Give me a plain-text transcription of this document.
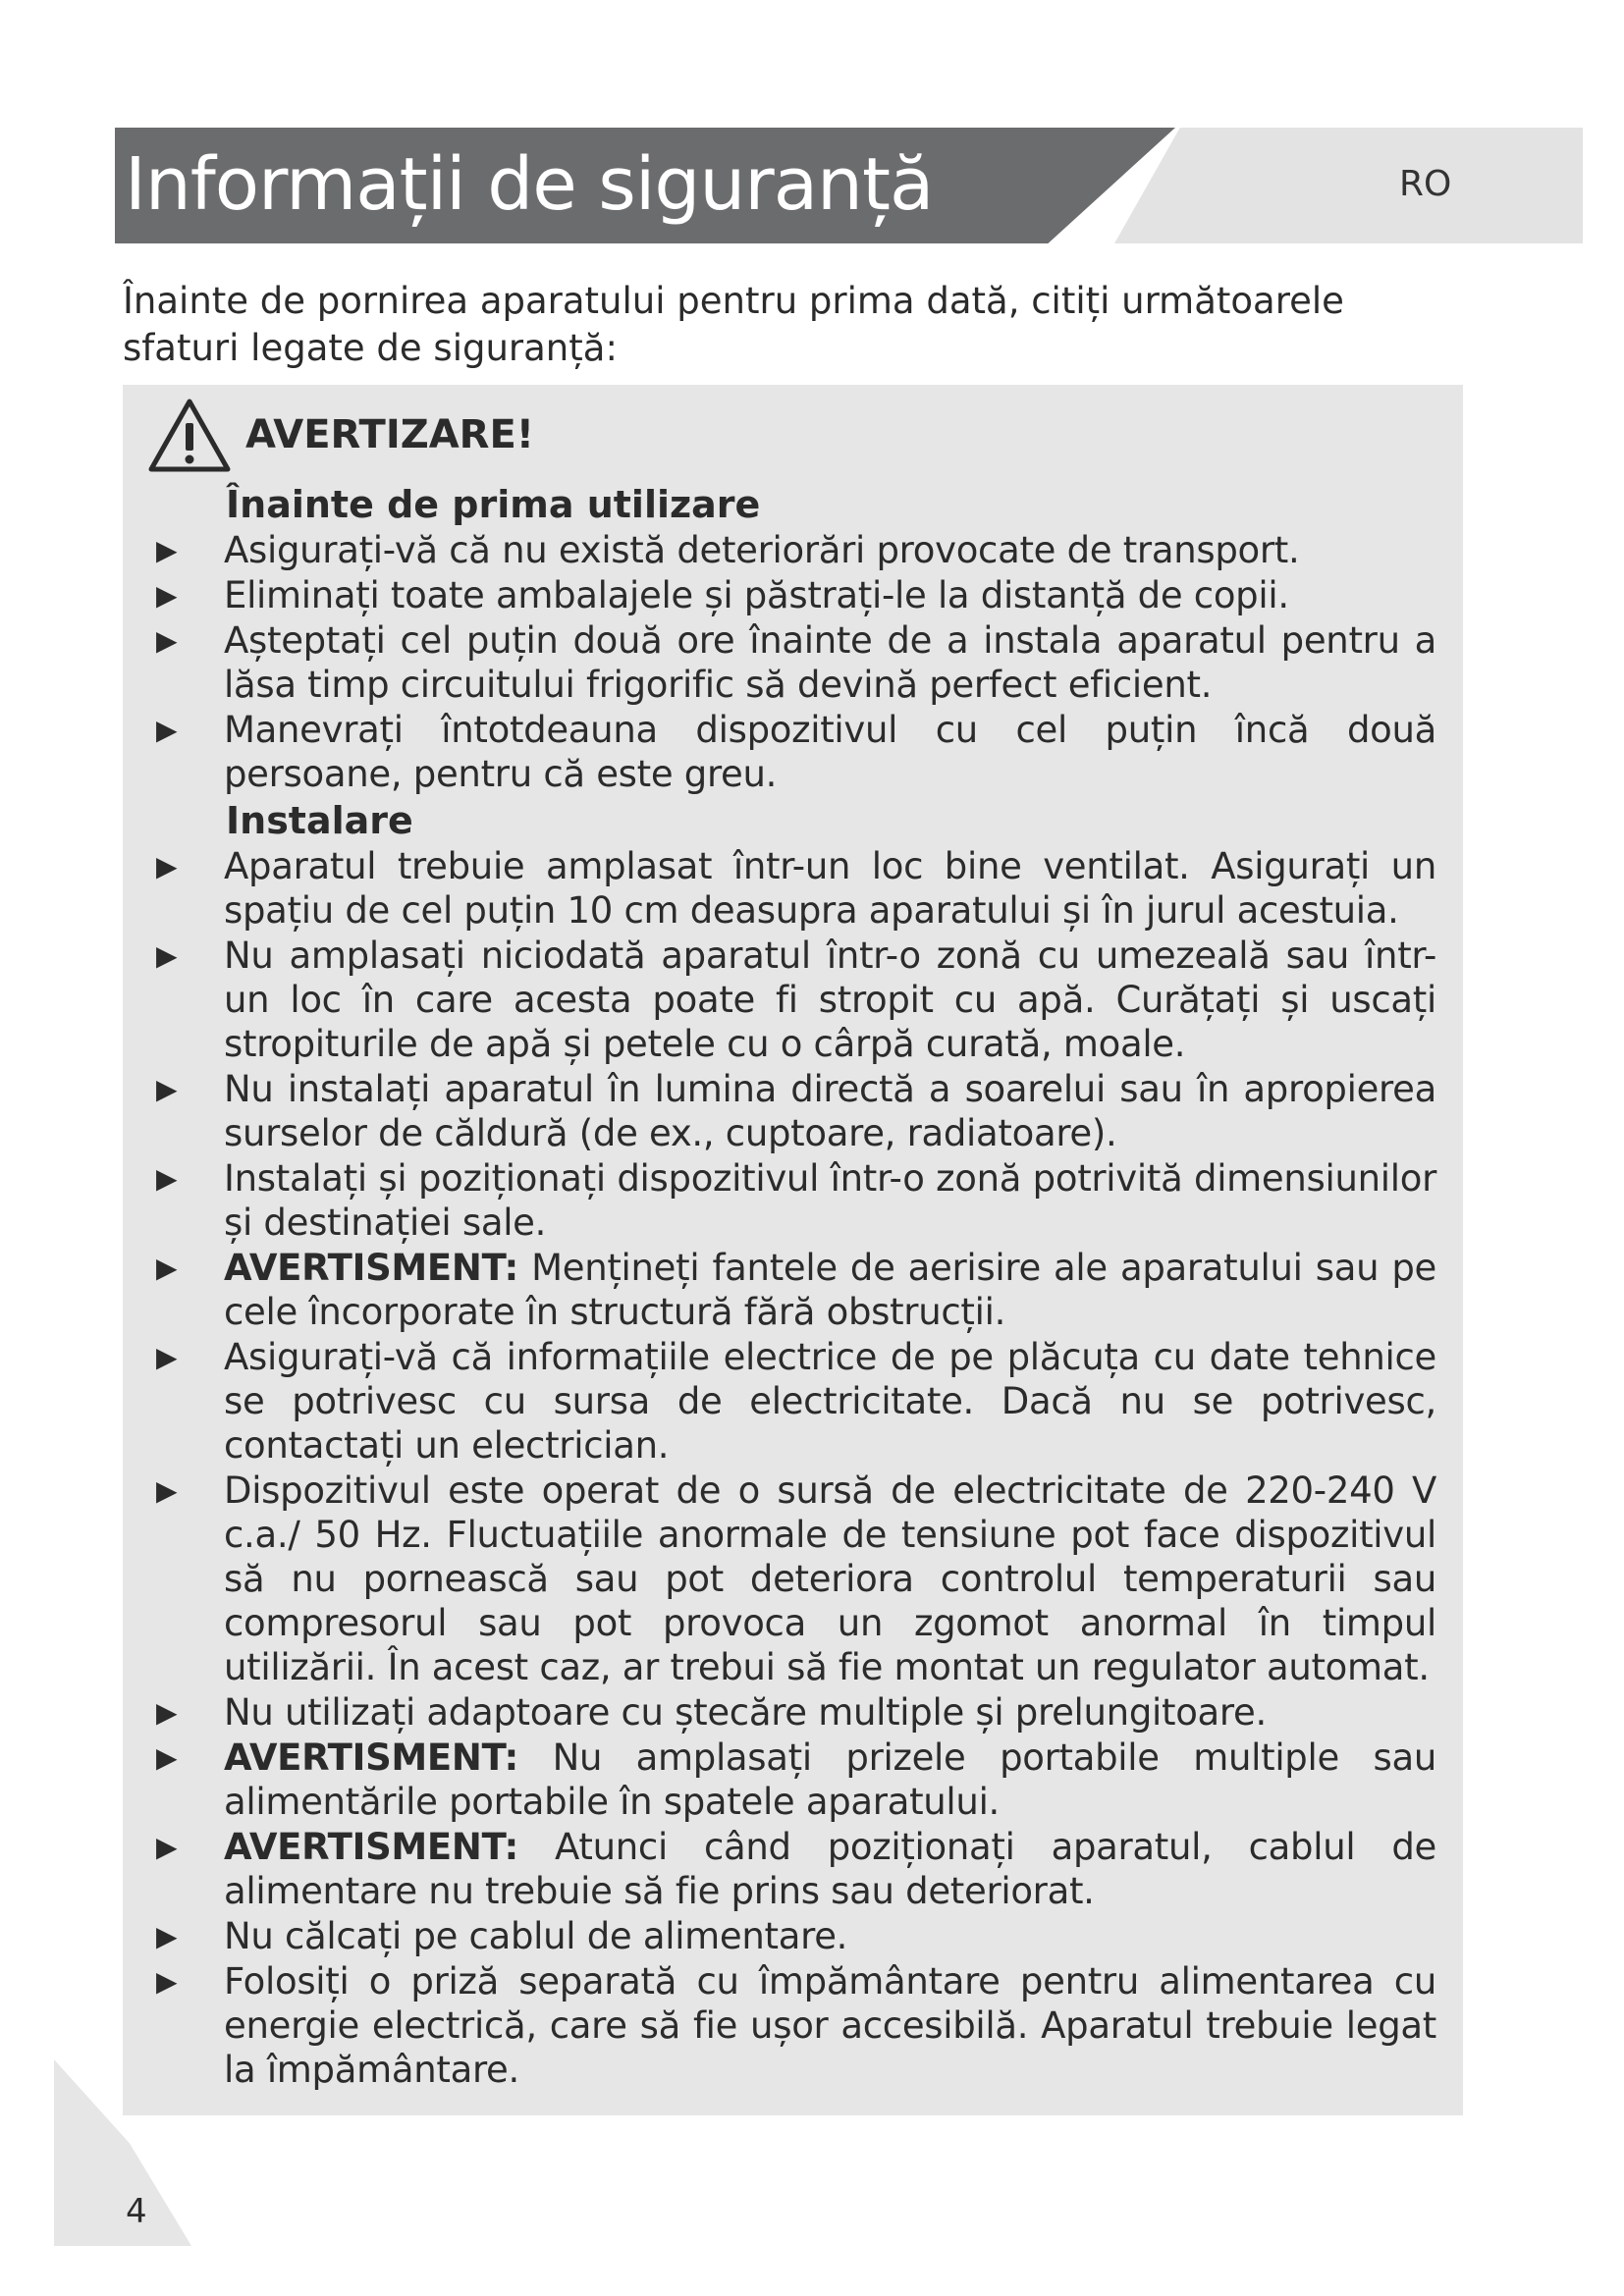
Informații de siguranță	RO

Înainte de pornirea aparatului pentru prima dată, citiți următoarele sfaturi legate de siguranță:

AVERTIZARE!
Înainte de prima utilizare
▶ Asigurați-vă că nu există deteriorări provocate de transport.
▶ Eliminați toate ambalajele și păstrați-le la distanță de copii.
▶ Așteptați cel puțin două ore înainte de a instala aparatul pentru a lăsa timp circuitului frigorific să devină perfect eficient.
▶ Manevrați întotdeauna dispozitivul cu cel puțin încă două persoane, pentru că este greu.
Instalare
▶ Aparatul trebuie amplasat într-un loc bine ventilat. Asigurați un spațiu de cel puțin 10 cm deasupra aparatului și în jurul acestuia.
▶ Nu amplasați niciodată aparatul într-o zonă cu umezeală sau într-un loc în care acesta poate fi stropit cu apă. Curățați și uscați stropiturile de apă și petele cu o cârpă curată, moale.
▶ Nu instalați aparatul în lumina directă a soarelui sau în apropierea surselor de căldură (de ex., cuptoare, radiatoare).
▶ Instalați și poziționați dispozitivul într-o zonă potrivită dimensiunilor și destinației sale.
▶ AVERTISMENT: Mențineți fantele de aerisire ale aparatului sau pe cele încorporate în structură fără obstrucții.
▶ Asigurați-vă că informațiile electrice de pe plăcuța cu date tehnice se potrivesc cu sursa de electricitate. Dacă nu se potrivesc, contactați un electrician.
▶ Dispozitivul este operat de o sursă de electricitate de 220-240 V c.a./ 50 Hz. Fluctuațiile anormale de tensiune pot face dispozitivul să nu pornească sau pot deteriora controlul temperaturii sau compresorul sau pot provoca un zgomot anormal în timpul utilizării. În acest caz, ar trebui să fie montat un regulator automat.
▶ Nu utilizați adaptoare cu ștecăre multiple și prelungitoare.
▶ AVERTISMENT: Nu amplasați prizele portabile multiple sau alimentările portabile în spatele aparatului.
▶ AVERTISMENT: Atunci când poziționați aparatul, cablul de alimentare nu trebuie să fie prins sau deteriorat.
▶ Nu călcați pe cablul de alimentare.
▶ Folosiți o priză separată cu împământare pentru alimentarea cu energie electrică, care să fie ușor accesibilă. Aparatul trebuie legat la împământare.
4
